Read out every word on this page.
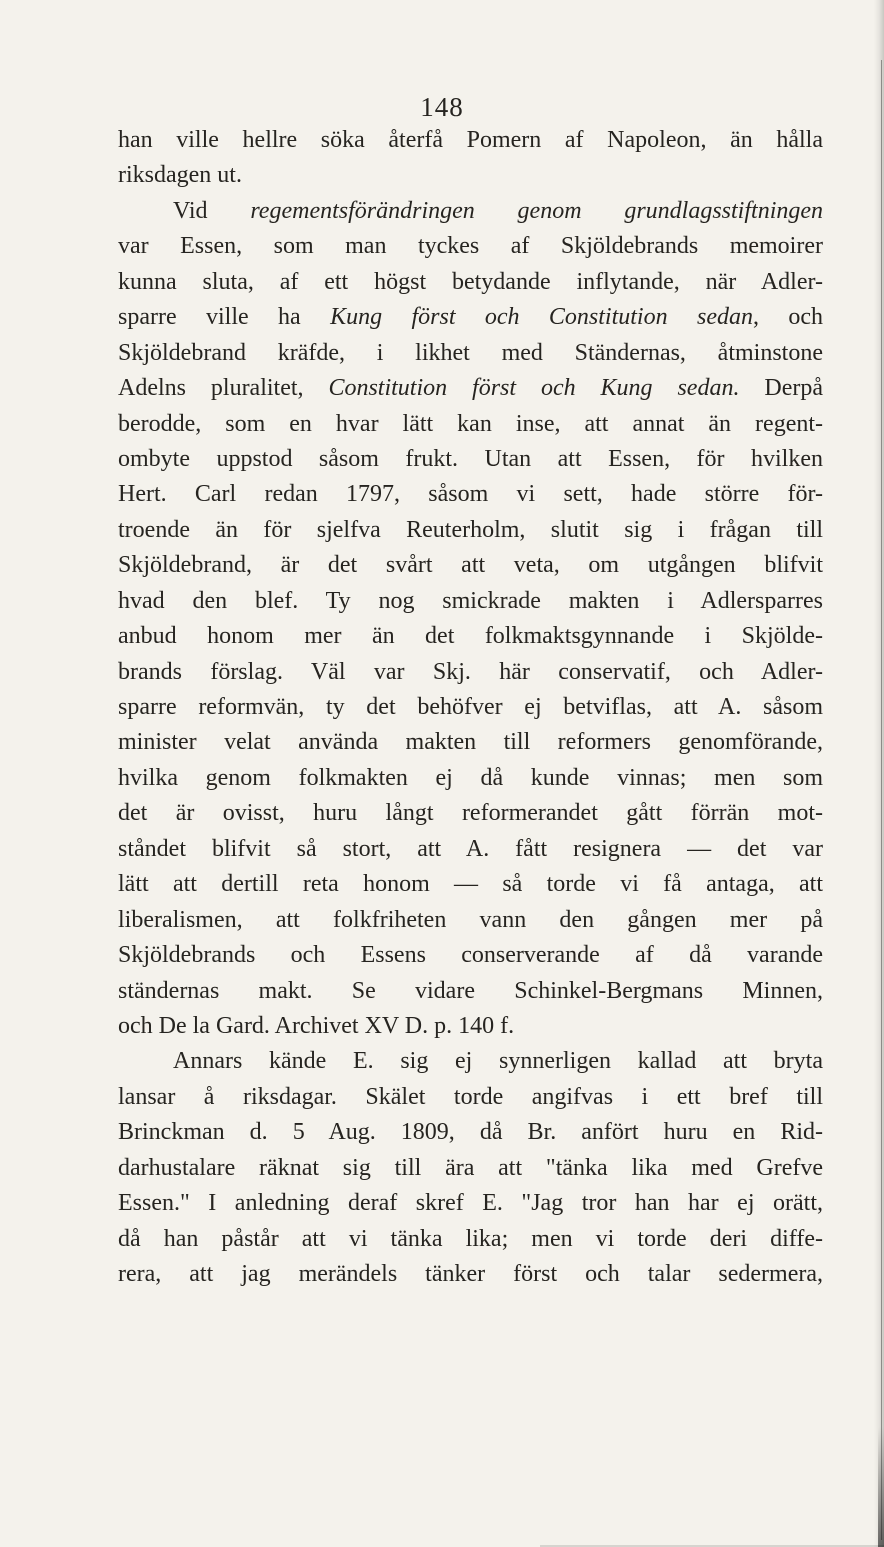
148
han ville hellre söka återfå Pomern af Napoleon, än hålla
riksdagen ut.
Vid regementsförändringen genom grundlagsstiftningen
var Essen, som man tyckes af Skjöldebrands memoirer
kunna sluta, af ett högst betydande inflytande, när Adler-
sparre ville ha Kung först och Constitution sedan, och
Skjöldebrand kräfde, i likhet med Ständernas, åtminstone
Adelns pluralitet, Constitution först och Kung sedan. Derpå
berodde, som en hvar lätt kan inse, att annat än regent-
ombyte uppstod såsom frukt. Utan att Essen, för hvilken
Hert. Carl redan 1797, såsom vi sett, hade större för-
troende än för sjelfva Reuterholm, slutit sig i frågan till
Skjöldebrand, är det svårt att veta, om utgången blifvit
hvad den blef. Ty nog smickrade makten i Adlersparres
anbud honom mer än det folkmaktsgynnande i Skjölde-
brands förslag. Väl var Skj. här conservatif, och Adler-
sparre reformvän, ty det behöfver ej betviflas, att A. såsom
minister velat använda makten till reformers genomförande,
hvilka genom folkmakten ej då kunde vinnas; men som
det är ovisst, huru långt reformerandet gått förrän mot-
ståndet blifvit så stort, att A. fått resignera — det var
lätt att dertill reta honom — så torde vi få antaga, att
liberalismen, att folkfriheten vann den gången mer på
Skjöldebrands och Essens conserverande af då varande
ständernas makt. Se vidare Schinkel-Bergmans Minnen,
och De la Gard. Archivet XV D. p. 140 f.
Annars kände E. sig ej synnerligen kallad att bryta
lansar å riksdagar. Skälet torde angifvas i ett bref till
Brinckman d. 5 Aug. 1809, då Br. anfört huru en Rid-
darhustalare räknat sig till ära att "tänka lika med Grefve
Essen." I anledning deraf skref E. "Jag tror han har ej orätt,
då han påstår att vi tänka lika; men vi torde deri diffe-
rera, att jag merändels tänker först och talar sedermera,
